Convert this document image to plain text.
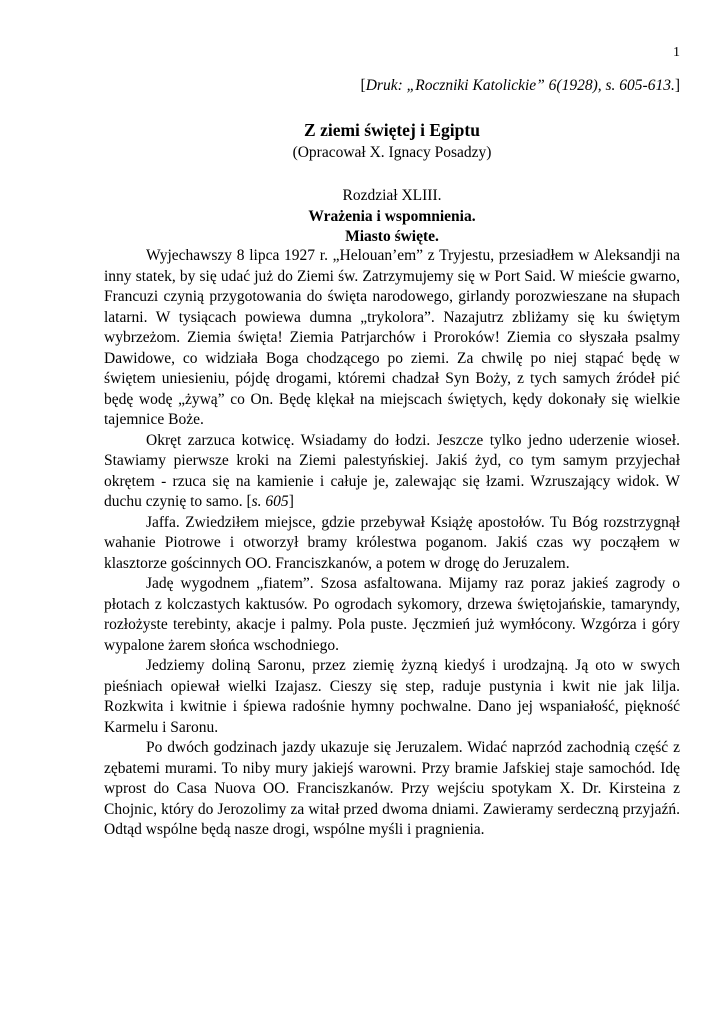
1
[Druk: „Roczniki Katolickie” 6(1928), s. 605-613.]
Z ziemi świętej i Egiptu
(Opracował X. Ignacy Posadzy)
Rozdział XLIII.
Wrażenia i wspomnienia.
Miasto święte.

Wyjechawszy 8 lipca 1927 r. „Helouan’em” z Tryjestu, przesiadłem w Aleksandji na inny statek, by się udać już do Ziemi św. Zatrzymujemy się w Port Said. W mieście gwarno, Francuzi czynią przygotowania do święta narodowego, girlandy porozwieszane na słupach latarni. W tysiącach powiewa dumna „trykolora”. Nazajutrz zbliżamy się ku świętym wybrzeżom. Ziemia święta! Ziemia Patrjarchów i Proroków! Ziemia co słyszała psalmy Dawidowe, co widziała Boga chodzącego po ziemi. Za chwilę po niej stąpać będę w świętem uniesieniu, pójdę drogami, któremi chadzał Syn Boży, z tych samych źródeł pić będę wodę „żywą” co On. Będę klękał na miejscach świętych, kędy dokonały się wielkie tajemnice Boże.

Okręt zarzuca kotwicę. Wsiadamy do łodzi. Jeszcze tylko jedno uderzenie wioseł. Stawiamy pierwsze kroki na Ziemi palestyńskiej. Jakiś żyd, co tym samym przyjechał okrętem - rzuca się na kamienie i całuje je, zalewając się łzami. Wzruszający widok. W duchu czynię to samo. [s. 605]

Jaffa. Zwiedziłem miejsce, gdzie przebywał Książę apostołów. Tu Bóg rozstrzygnął wahanie Piotrowe i otworzył bramy królestwa poganom. Jakiś czas wy począłem w klasztorze gościnnych OO. Franciszkanów, a potem w drogę do Jeruzalem.

Jadę wygodnem „fiatem”. Szosa asfaltowana. Mijamy raz poraz jakieś zagrody o płotach z kolczastych kaktusów. Po ogrodach sykomory, drzewa świętojańskie, tamaryndy, rozłożyste terebinty, akacje i palmy. Pola puste. Jęczmień już wymłócony. Wzgórza i góry wypalone żarem słońca wschodniego.

Jedziemy doliną Saronu, przez ziemię żyzną kiedyś i urodzajną. Ją oto w swych pieśniach opiewał wielki Izajasz. Cieszy się step, raduje pustynia i kwit nie jak lilja. Rozkwita i kwitnie i śpiewa radośnie hymny pochwalne. Dano jej wspaniałość, piękność Karmelu i Saronu.

Po dwóch godzinach jazdy ukazuje się Jeruzalem. Widać naprzód zachodnią część z zębatemi murami. To niby mury jakiejś warowni. Przy bramie Jafskiej staje samochód. Idę wprost do Casa Nuova OO. Franciszkanów. Przy wejściu spotykam X. Dr. Kirsteina z Chojnic, który do Jerozolimy za witał przed dwoma dniami. Zawieramy serdeczną przyjaźń. Odtąd wspólne będą nasze drogi, wspólne myśli i pragnienia.
